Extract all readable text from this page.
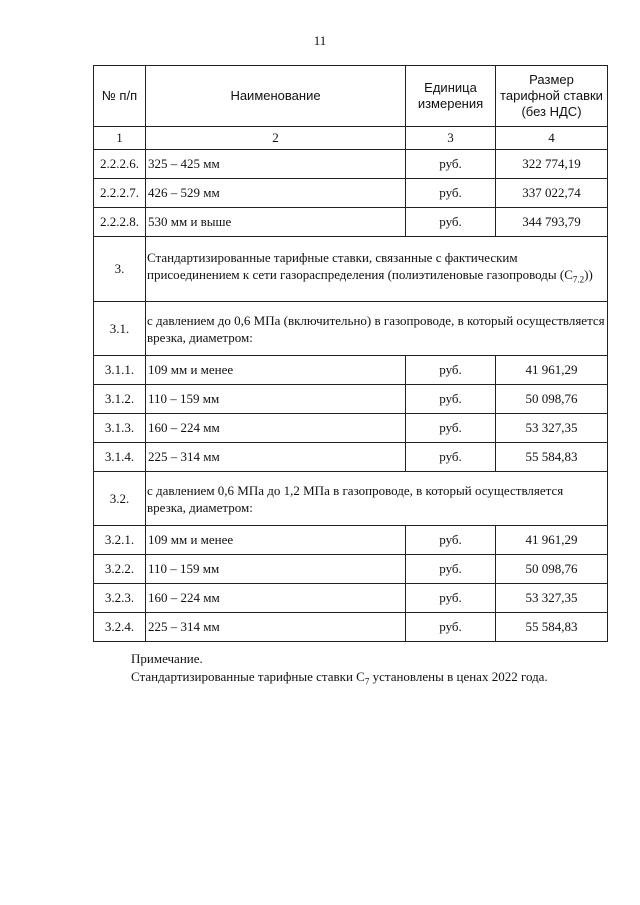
11
№ п/п	Наименование	Единица измерения	Размер тарифной ставки (без НДС)
1	2	3	4
2.2.2.6.	325 – 425 мм	руб.	322 774,19
2.2.2.7.	426 – 529 мм	руб.	337 022,74
2.2.2.8.	530 мм и выше	руб.	344 793,79
3.	Стандартизированные тарифные ставки, связанные с фактическим присоединением к сети газораспределения (полиэтиленовые газопроводы $(С_{7.2})$)		
3.1.	с давлением до 0,6 МПа (включительно) в газопроводе, в который осуществляется врезка, диаметром:		
3.1.1.	109 мм и менее	руб.	41 961,29
3.1.2.	110 – 159 мм	руб.	50 098,76
3.1.3.	160 – 224 мм	руб.	53 327,35
3.1.4.	225 – 314 мм	руб.	55 584,83
3.2.	с давлением 0,6 МПа до 1,2 МПа в газопроводе, в который осуществляется врезка, диаметром:		
3.2.1.	109 мм и менее	руб.	41 961,29
3.2.2.	110 – 159 мм	руб.	50 098,76
3.2.3.	160 – 224 мм	руб.	53 327,35
3.2.4.	225 – 314 мм	руб.	55 584,83
Примечание.
Стандартизированные тарифные ставки $С_7$ установлены в ценах 2022 года.
